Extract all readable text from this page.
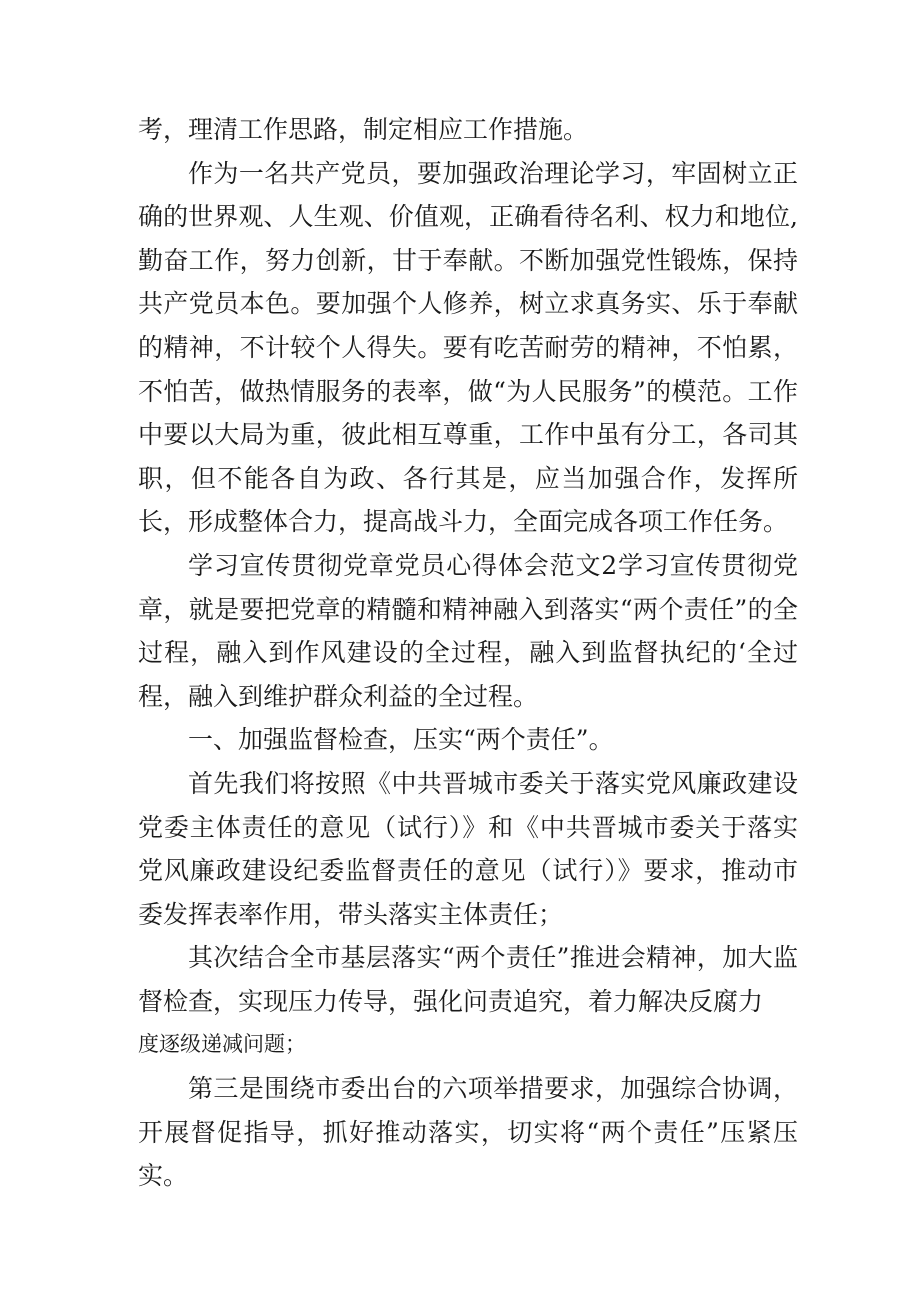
考，理清工作思路，制定相应工作措施。

作为一名共产党员，要加强政治理论学习，牢固树立正确的世界观、人生观、价值观，正确看待名利、权力和地位,勤奋工作，努力创新，甘于奉献。不断加强党性锻炼，保持共产党员本色。要加强个人修养，树立求真务实、乐于奉献的精神，不计较个人得失。要有吃苦耐劳的精神，不怕累，不怕苦，做热情服务的表率，做“为人民服务”的模范。工作中要以大局为重，彼此相互尊重，工作中虽有分工，各司其职，但不能各自为政、各行其是，应当加强合作，发挥所长，形成整体合力，提高战斗力，全面完成各项工作任务。

学习宣传贯彻党章党员心得体会范文2学习宣传贯彻党章，就是要把党章的精髓和精神融入到落实“两个责任”的全过程，融入到作风建设的全过程，融入到监督执纪的‘全过程，融入到维护群众利益的全过程。

一、加强监督检查，压实“两个责任”。

首先我们将按照《中共晋城市委关于落实党风廉政建设党委主体责任的意见（试行）》和《中共晋城市委关于落实党风廉政建设纪委监督责任的意见（试行）》要求，推动市委发挥表率作用，带头落实主体责任；

其次结合全市基层落实“两个责任”推进会精神，加大监督检查，实现压力传导，强化问责追究，着力解决反腐力

度逐级递减问题；

第三是围绕市委出台的六项举措要求，加强综合协调，开展督促指导，抓好推动落实，切实将“两个责任”压紧压实。
